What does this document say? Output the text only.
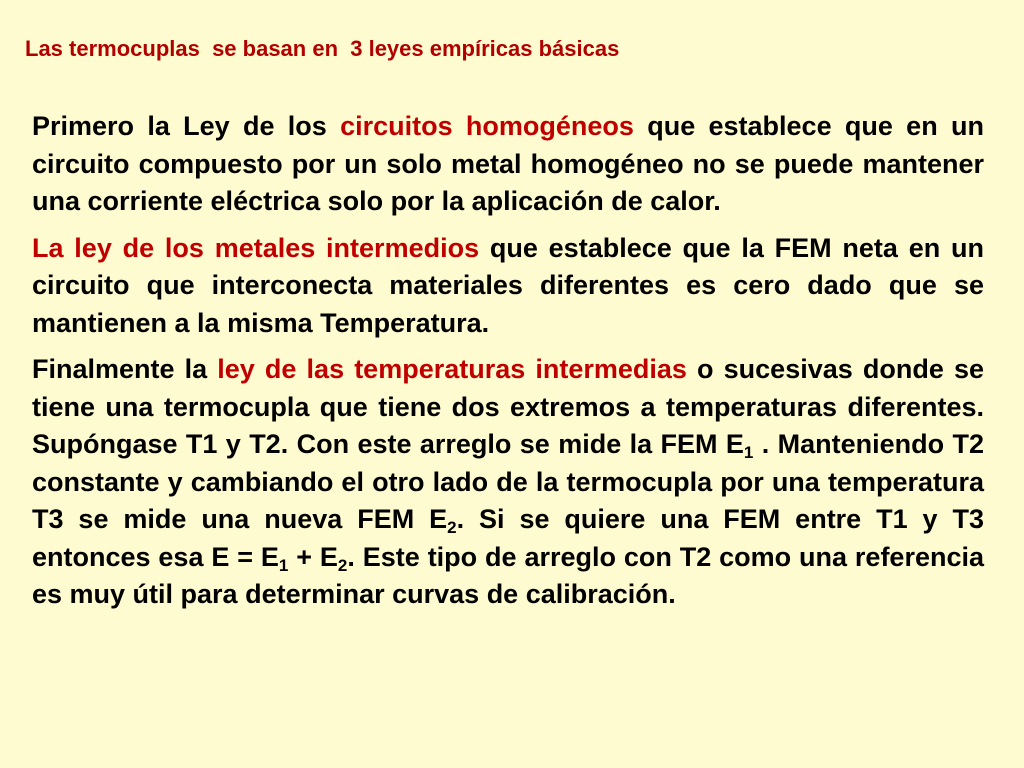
Las termocuplas  se basan en  3 leyes empíricas básicas

Primero la Ley de los circuitos homogéneos que establece que en un circuito compuesto por un solo metal homogéneo no se puede mantener una corriente eléctrica solo por la aplicación de calor.

La ley de los metales intermedios que establece que la FEM neta en un circuito que interconecta materiales diferentes es cero dado que se mantienen a la misma Temperatura.

Finalmente la ley de las temperaturas intermedias o sucesivas donde se tiene una termocupla que tiene dos extremos a temperaturas diferentes. Supóngase T1 y T2. Con este arreglo se mide la FEM $E_1$ . Manteniendo T2 constante y cambiando el otro lado de la termocupla por una temperatura T3 se mide una nueva FEM $E_2$. Si se quiere una FEM entre T1 y T3 entonces esa $E = E_1 + E_2$. Este tipo de arreglo con T2 como una referencia es muy útil para determinar curvas de calibración.
